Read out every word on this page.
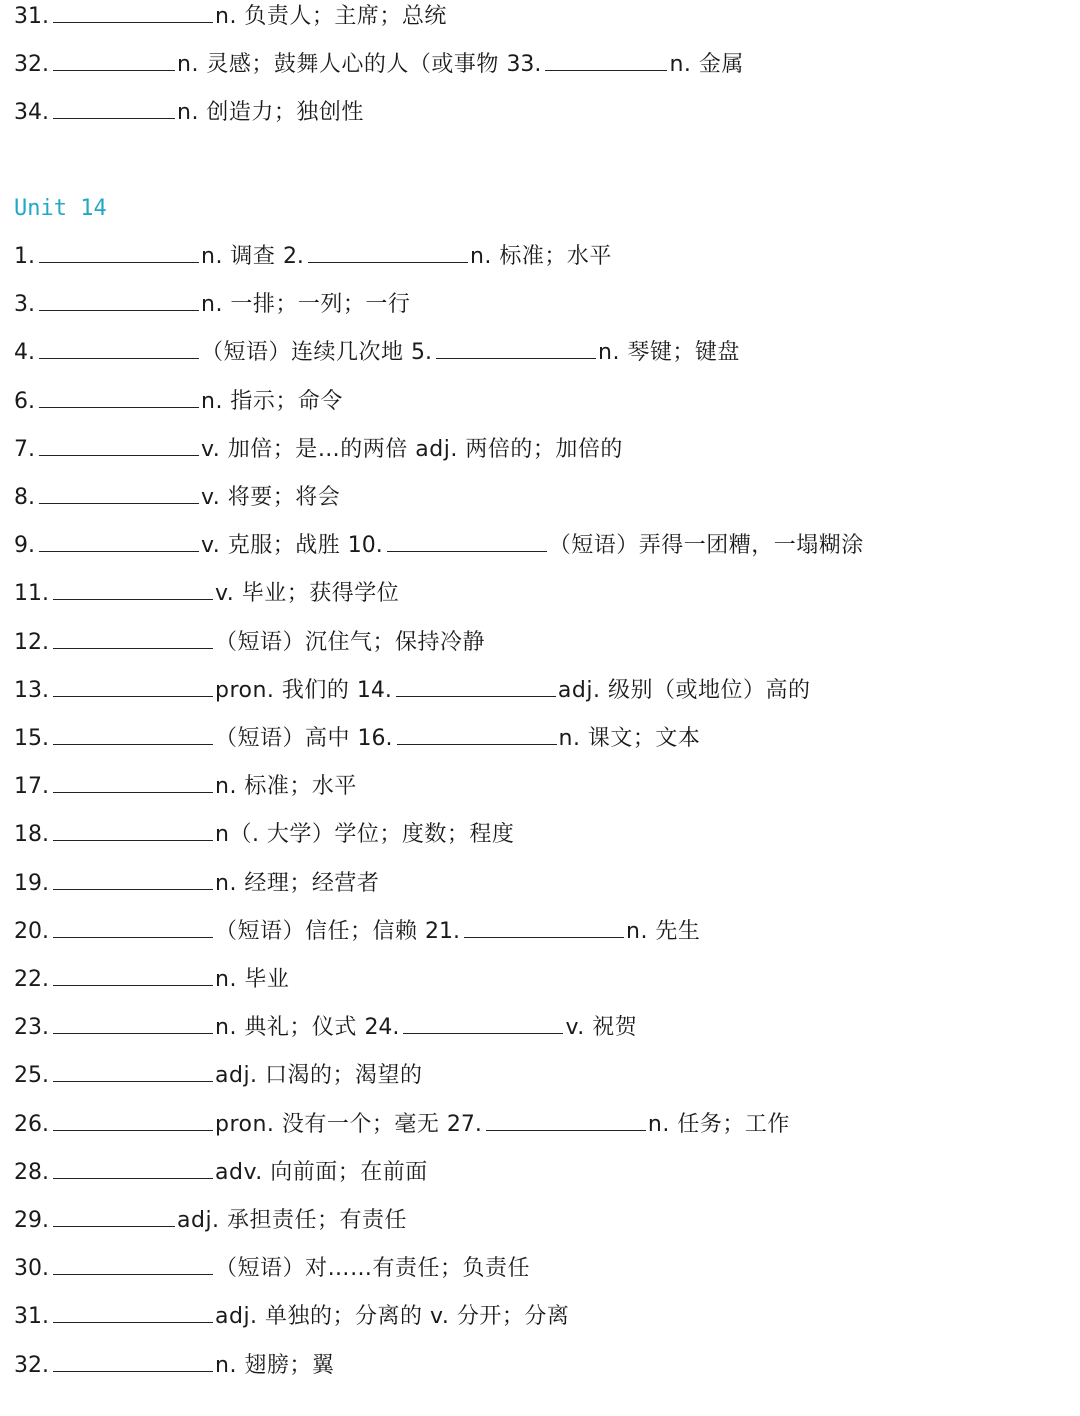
31.	n. 负责人；主席；总统
32.	n. 灵感；鼓舞人心的人（或事物 33.	n. 金属
34.	n. 创造力；独创性
Unit 14
1.	n. 调查 2.	n. 标准；水平
3.	n. 一排；一列；一行
4.	（短语）连续几次地 5.	n. 琴键；键盘
6.	n. 指示；命令
7.	v. 加倍；是…的两倍 adj. 两倍的；加倍的
8.	v. 将要；将会
9.	v. 克服；战胜 10.	（短语）弄得一团糟，一塌糊涂
11.	v. 毕业；获得学位
12.	（短语）沉住气；保持冷静
13.	pron. 我们的 14.	adj. 级别（或地位）高的
15.	（短语）高中 16.	n. 课文；文本
17.	n. 标准；水平
18.	n（. 大学）学位；度数；程度
19.	n. 经理；经营者
20.	（短语）信任；信赖 21.	n. 先生
22.	n. 毕业
23.	n. 典礼；仪式 24.	v. 祝贺
25.	adj. 口渴的；渴望的
26.	pron. 没有一个；毫无 27.	n. 任务；工作
28.	adv. 向前面；在前面
29.	adj. 承担责任；有责任
30.	（短语）对……有责任；负责任
31.	adj. 单独的；分离的 v. 分开；分离
32.	n. 翅膀；翼
